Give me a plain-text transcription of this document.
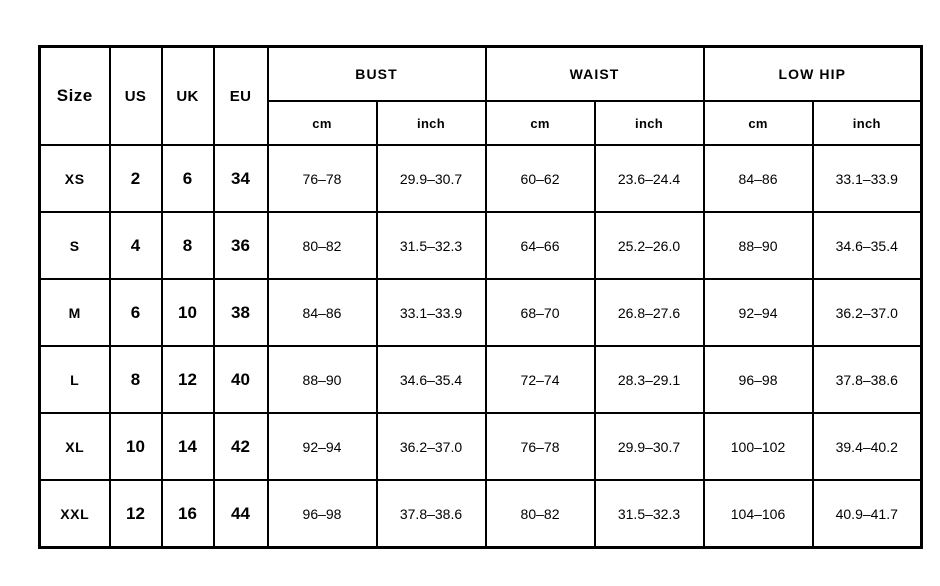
Size	US	UK	EU	BUST		WAIST		LOW HIP	
				cm	inch	cm	inch	cm	inch
XS	2	6	34	76–78	29.9–30.7	60–62	23.6–24.4	84–86	33.1–33.9
S	4	8	36	80–82	31.5–32.3	64–66	25.2–26.0	88–90	34.6–35.4
M	6	10	38	84–86	33.1–33.9	68–70	26.8–27.6	92–94	36.2–37.0
L	8	12	40	88–90	34.6–35.4	72–74	28.3–29.1	96–98	37.8–38.6
XL	10	14	42	92–94	36.2–37.0	76–78	29.9–30.7	100–102	39.4–40.2
XXL	12	16	44	96–98	37.8–38.6	80–82	31.5–32.3	104–106	40.9–41.7
